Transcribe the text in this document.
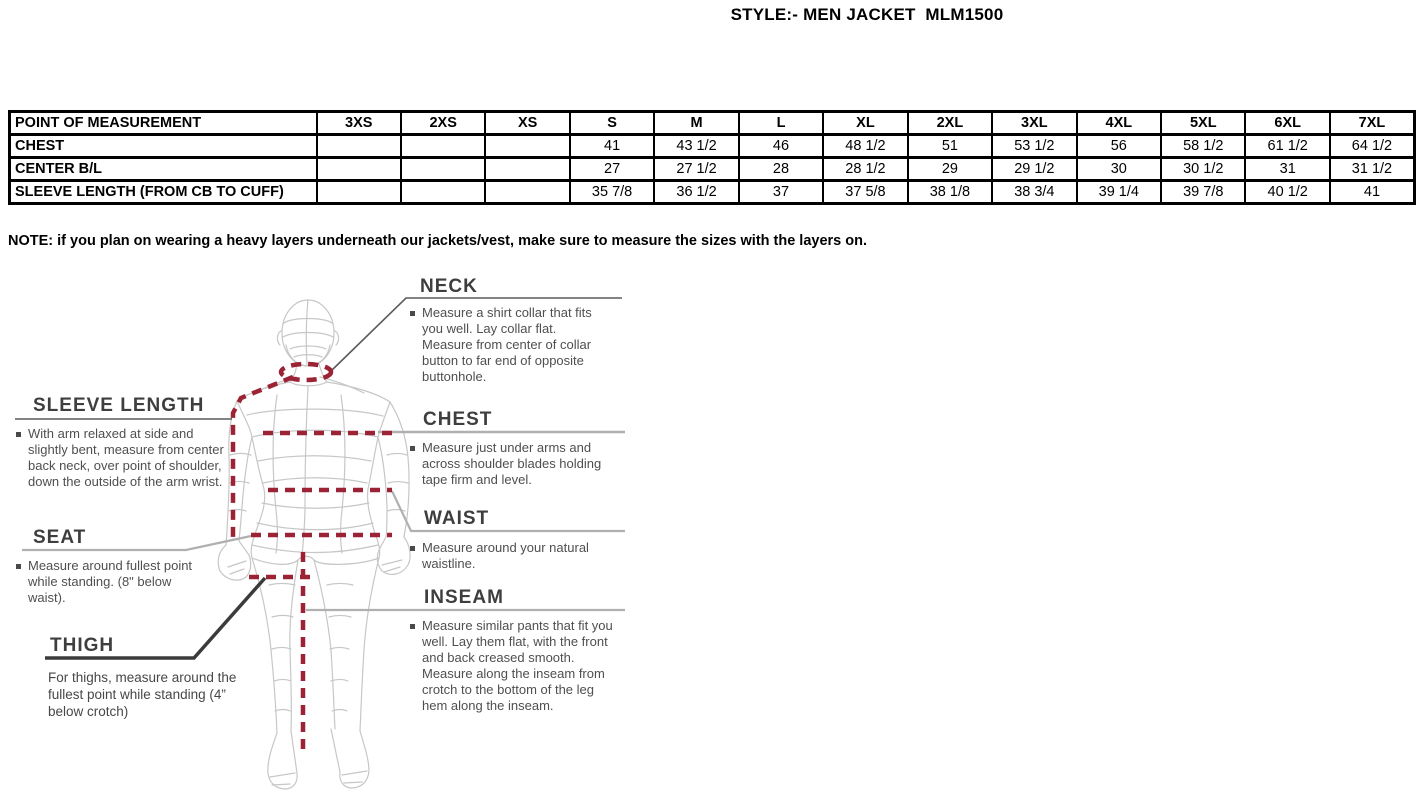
STYLE:- MEN JACKET  MLM1500
POINT OF MEASUREMENT	3XS	2XS	XS	S	M	L	XL	2XL	3XL	4XL	5XL	6XL	7XL
CHEST				41	43 1/2	46	48 1/2	51	53 1/2	56	58 1/2	61 1/2	64 1/2
CENTER B/L				27	27 1/2	28	28 1/2	29	29 1/2	30	30 1/2	31	31 1/2
SLEEVE LENGTH (FROM CB TO CUFF)				35 7/8	36 1/2	37	37 5/8	38 1/8	38 3/4	39 1/4	39 7/8	40 1/2	41
NOTE: if you plan on wearing a heavy layers underneath our jackets/vest, make sure to measure the sizes with the layers on.
NECK
CHEST
WAIST
INSEAM
SLEEVE LENGTH
SEAT
THIGH

Measure a shirt collar that fits you well. Lay collar flat. Measure from center of collar button to far end of opposite buttonhole.

Measure just under arms and across shoulder blades holding tape firm and level.

Measure around your natural waistline.

Measure similar pants that fit you well. Lay them flat, with the front and back creased smooth. Measure along the inseam from crotch to the bottom of the leg hem along the inseam.

With arm relaxed at side and slightly bent, measure from center back neck, over point of shoulder, down the outside of the arm wrist.

Measure around fullest point while standing. (8" below waist).

For thighs, measure around the fullest point while standing (4” below crotch)
